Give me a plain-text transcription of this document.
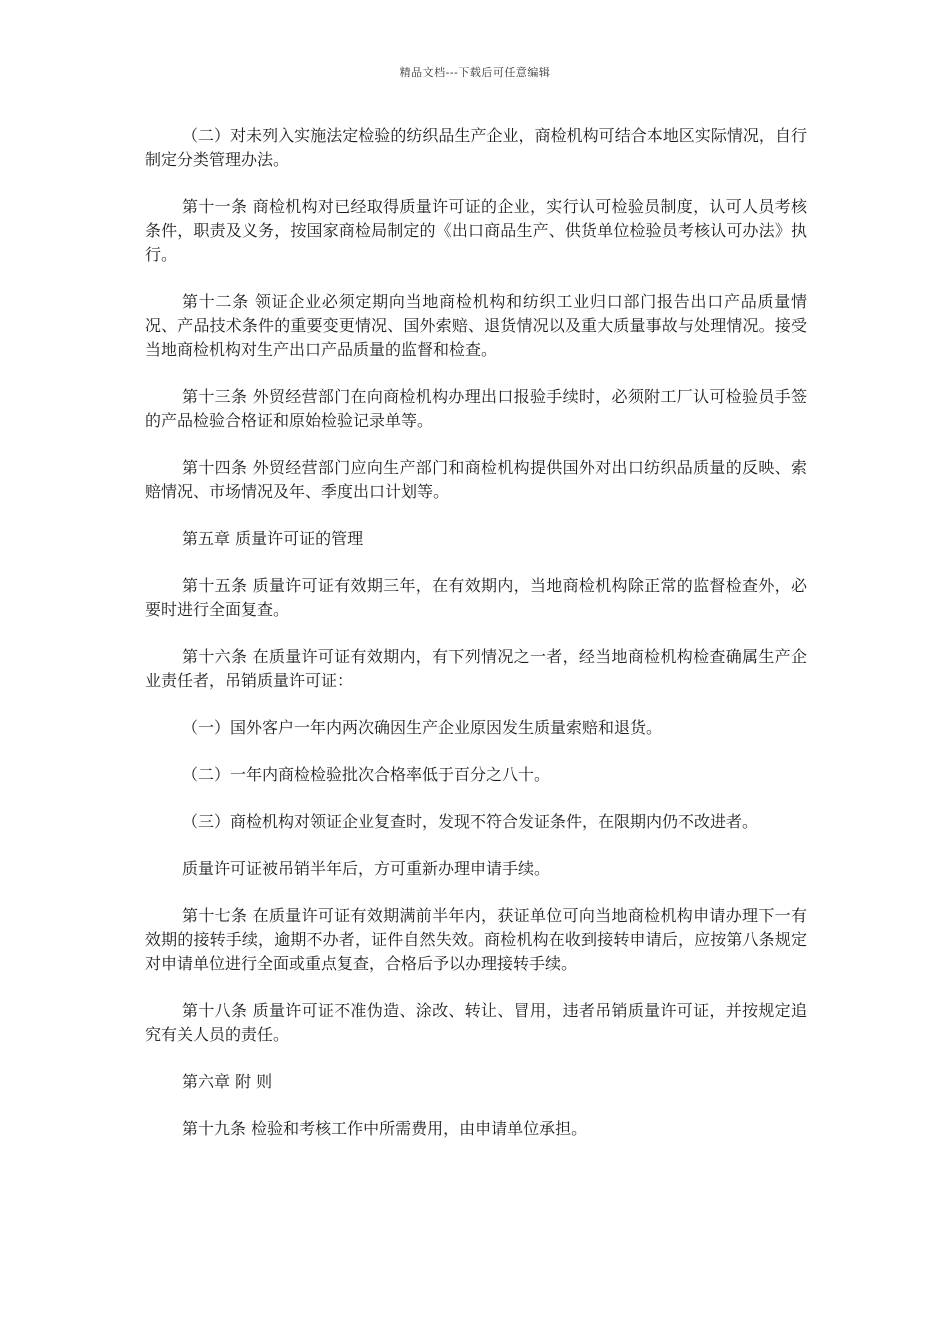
精品文档---下载后可任意编辑

（二）对未列入实施法定检验的纺织品生产企业，商检机构可结合本地区实际情况，自行制定分类管理办法。

第十一条 商检机构对已经取得质量许可证的企业，实行认可检验员制度，认可人员考核条件，职责及义务，按国家商检局制定的《出口商品生产、供货单位检验员考核认可办法》执行。

第十二条 领证企业必须定期向当地商检机构和纺织工业归口部门报告出口产品质量情况、产品技术条件的重要变更情况、国外索赔、退货情况以及重大质量事故与处理情况。接受当地商检机构对生产出口产品质量的监督和检查。

第十三条 外贸经营部门在向商检机构办理出口报验手续时，必须附工厂认可检验员手签的产品检验合格证和原始检验记录单等。

第十四条 外贸经营部门应向生产部门和商检机构提供国外对出口纺织品质量的反映、索赔情况、市场情况及年、季度出口计划等。

第五章 质量许可证的管理

第十五条 质量许可证有效期三年，在有效期内，当地商检机构除正常的监督检查外，必要时进行全面复查。

第十六条 在质量许可证有效期内，有下列情况之一者，经当地商检机构检查确属生产企业责任者，吊销质量许可证：

（一）国外客户一年内两次确因生产企业原因发生质量索赔和退货。

（二）一年内商检检验批次合格率低于百分之八十。

（三）商检机构对领证企业复查时，发现不符合发证条件，在限期内仍不改进者。

质量许可证被吊销半年后，方可重新办理申请手续。

第十七条 在质量许可证有效期满前半年内，获证单位可向当地商检机构申请办理下一有效期的接转手续，逾期不办者，证件自然失效。商检机构在收到接转申请后，应按第八条规定对申请单位进行全面或重点复查，合格后予以办理接转手续。

第十八条 质量许可证不准伪造、涂改、转让、冒用，违者吊销质量许可证，并按规定追究有关人员的责任。

第六章 附 则

第十九条 检验和考核工作中所需费用，由申请单位承担。
